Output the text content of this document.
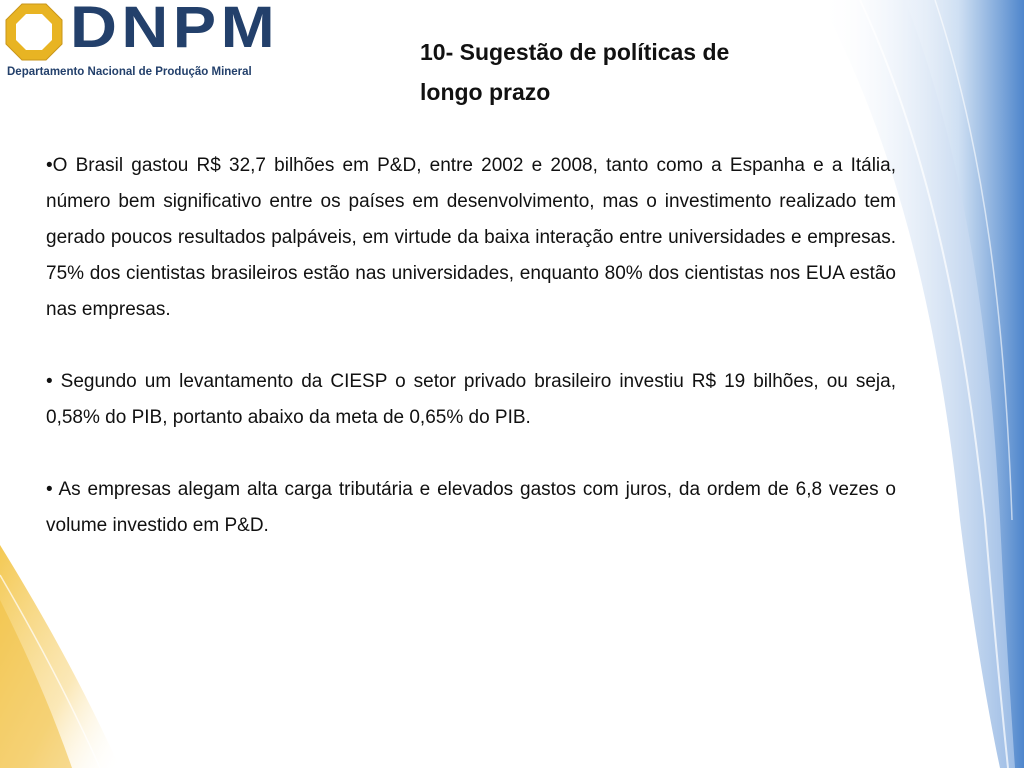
DNPM
Departamento Nacional de Produção Mineral
10- Sugestão de políticas de
longo prazo

•O Brasil gastou R$ 32,7 bilhões em P&D, entre 2002 e 2008, tanto como a Espanha e a Itália, número bem significativo entre os países em desenvolvimento, mas o investimento realizado tem gerado poucos resultados palpáveis, em virtude da baixa interação entre universidades e empresas. 75% dos cientistas brasileiros estão nas universidades, enquanto 80% dos cientistas nos EUA estão nas empresas.

• Segundo um levantamento da CIESP o setor privado brasileiro investiu R$ 19 bilhões, ou seja, 0,58% do PIB, portanto abaixo da meta de 0,65% do PIB.

• As empresas alegam alta carga tributária e elevados gastos com juros, da ordem de 6,8 vezes o volume investido em P&D.
